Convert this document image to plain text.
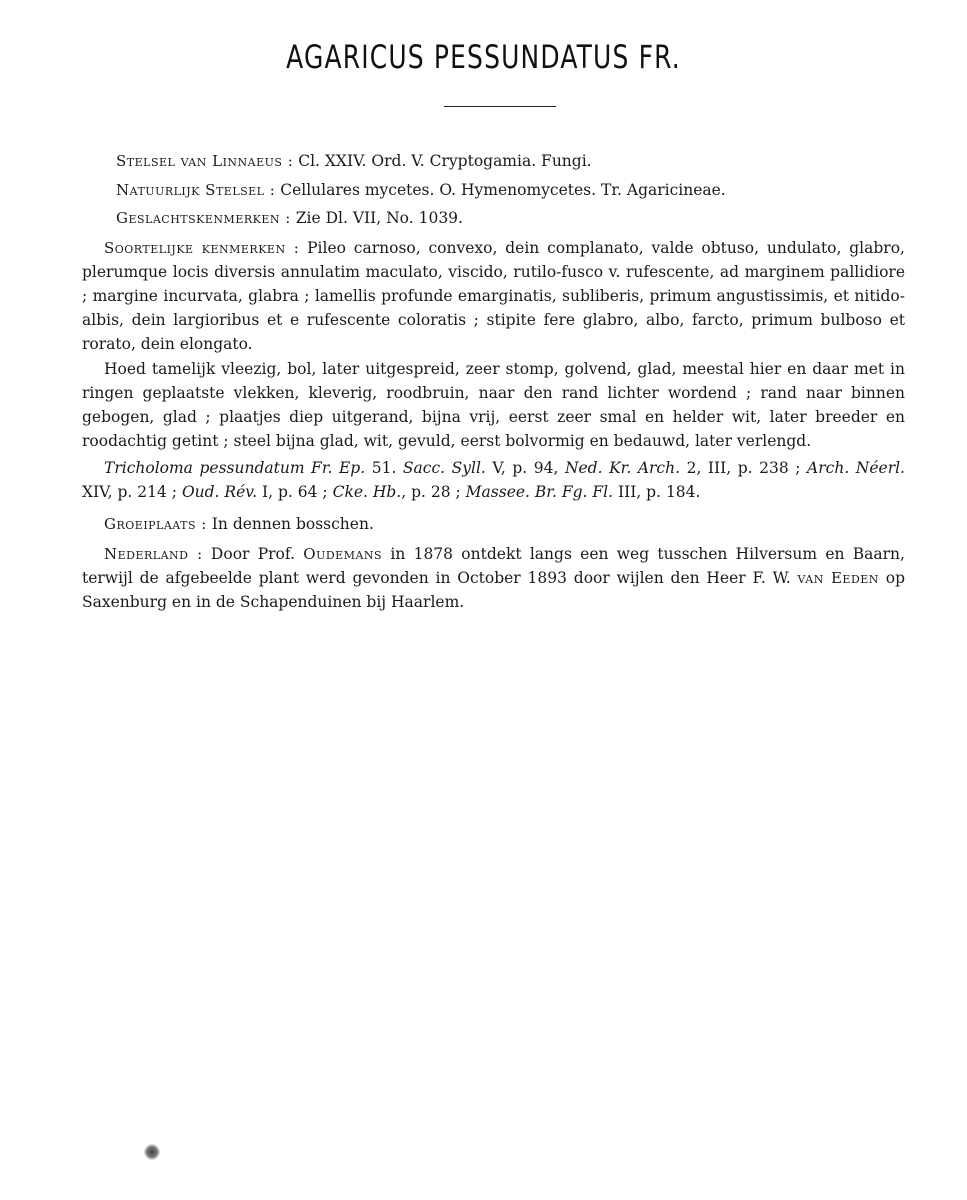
AGARICUS PESSUNDATUS FR.
Stelsel van Linnaeus : Cl. XXIV. Ord. V. Cryptogamia. Fungi.
Natuurlijk Stelsel : Cellulares mycetes. O. Hymenomycetes. Tr. Agaricineae.
Geslachtskenmerken : Zie Dl. VII, No. 1039.
Soortelijke kenmerken : Pileo carnoso, convexo, dein complanato, valde obtuso, undulato, glabro, plerumque locis diversis annulatim maculato, viscido, rutilo-fusco v. rufescente, ad marginem pallidiore ; margine incurvata, glabra ; lamellis profunde emarginatis, subliberis, primum angustissimis, et nitido-albis, dein largioribus et e rufescente coloratis ; stipite fere glabro, albo, farcto, primum bulboso et rorato, dein elongato.
Hoed tamelijk vleezig, bol, later uitgespreid, zeer stomp, golvend, glad, meestal hier en daar met in ringen geplaatste vlekken, kleverig, roodbruin, naar den rand lichter wordend ; rand naar binnen gebogen, glad ; plaatjes diep uitgerand, bijna vrij, eerst zeer smal en helder wit, later breeder en roodachtig getint ; steel bijna glad, wit, gevuld, eerst bolvormig en bedauwd, later verlengd.
Tricholoma pessundatum Fr. Ep. 51. Sacc. Syll. V, p. 94, Ned. Kr. Arch. 2, III, p. 238 ; Arch. Néerl. XIV, p. 214 ; Oud. Rév. I, p. 64 ; Cke. Hb., p. 28 ; Massee. Br. Fg. Fl. III, p. 184.
Groeiplaats : In dennen bosschen.
Nederland : Door Prof. Oudemans in 1878 ontdekt langs een weg tusschen Hilversum en Baarn, terwijl de afgebeelde plant werd gevonden in October 1893 door wijlen den Heer F. W. van Eeden op Saxenburg en in de Schapenduinen bij Haarlem.
